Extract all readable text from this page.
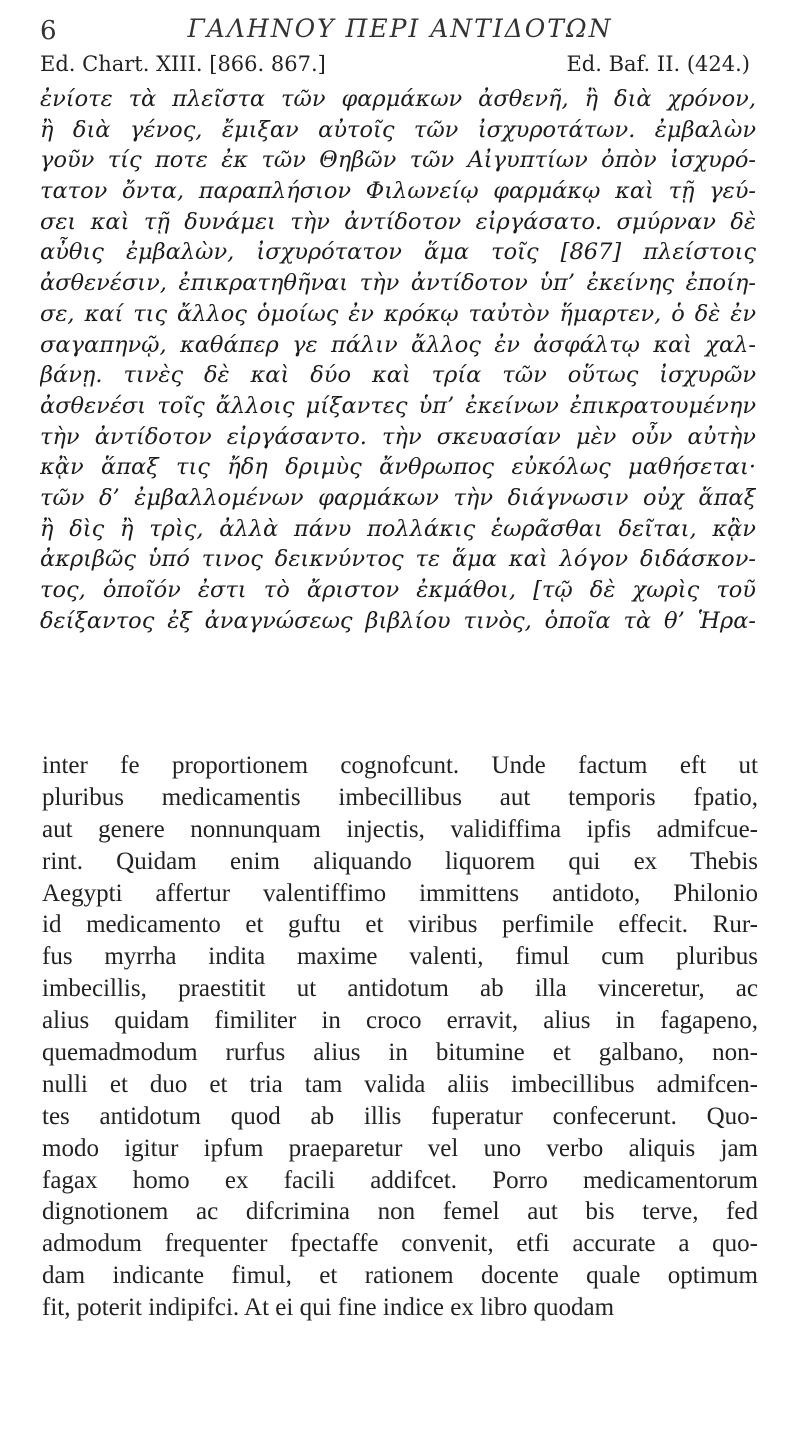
6	ΓΑΛΗΝΟΥ ΠΕΡΙ ΑΝΤΙΔΟΤΩΝ
Ed. Chart. XIII. [866. 867.]	Ed. Baf. II. (424.)
ἐνίοτε τὰ πλεῖστα τῶν φαρμάκων ἀσθενῆ, ἢ διὰ χρόνον,
ἢ διὰ γένος, ἔμιξαν αὐτοῖς τῶν ἰσχυροτάτων. ἐμβαλὼν
γοῦν τίς ποτε ἐκ τῶν Θηβῶν τῶν Αἰγυπτίων ὀπὸν ἰσχυρό-
τατον ὄντα, παραπλήσιον Φιλωνείῳ φαρμάκῳ καὶ τῇ γεύ-
σει καὶ τῇ δυνάμει τὴν ἀντίδοτον εἰργάσατο. σμύρναν δὲ
αὖθις ἐμβαλὼν, ἰσχυρότατον ἅμα τοῖς [867] πλείστοις
ἀσθενέσιν, ἐπικρατηθῆναι τὴν ἀντίδοτον ὑπ’ ἐκείνης ἐποίη-
σε, καί τις ἄλλος ὁμοίως ἐν κρόκῳ ταὐτὸν ἥμαρτεν, ὁ δὲ ἐν
σαγαπηνῷ, καθάπερ γε πάλιν ἄλλος ἐν ἀσφάλτῳ καὶ χαλ-
βάνῃ. τινὲς δὲ καὶ δύο καὶ τρία τῶν οὕτως ἰσχυρῶν
ἀσθενέσι τοῖς ἄλλοις μίξαντες ὑπ’ ἐκείνων ἐπικρατουμένην
τὴν ἀντίδοτον εἰργάσαντο. τὴν σκευασίαν μὲν οὖν αὐτὴν
κᾂν ἅπαξ τις ἤδη δριμὺς ἄνθρωπος εὐκόλως μαθήσεται·
τῶν δ’ ἐμβαλλομένων φαρμάκων τὴν διάγνωσιν οὐχ ἅπαξ
ἢ δὶς ἢ τρὶς, ἀλλὰ πάνυ πολλάκις ἑωρᾶσθαι δεῖται, κᾂν
ἀκριβῶς ὑπό τινος δεικνύντος τε ἅμα καὶ λόγον διδάσκον-
τος, ὁποῖόν ἐστι τὸ ἄριστον ἐκμάθοι, [τῷ δὲ χωρὶς τοῦ
δείξαντος ἐξ ἀναγνώσεως βιβλίου τινὸς, ὁποῖα τὰ θ’ Ἡρα-
inter fe proportionem cognofcunt. Unde factum eft ut
pluribus medicamentis imbecillibus aut temporis fpatio,
aut genere nonnunquam injectis, validiffima ipfis admifcue-
rint. Quidam enim aliquando liquorem qui ex Thebis
Aegypti affertur valentiffimo immittens antidoto, Philonio
id medicamento et guftu et viribus perfimile effecit. Rur-
fus myrrha indita maxime valenti, fimul cum pluribus
imbecillis, praestitit ut antidotum ab illa vinceretur, ac
alius quidam fimiliter in croco erravit, alius in fagapeno,
quemadmodum rurfus alius in bitumine et galbano, non-
nulli et duo et tria tam valida aliis imbecillibus admifcen-
tes antidotum quod ab illis fuperatur confecerunt. Quo-
modo igitur ipfum praeparetur vel uno verbo aliquis jam
fagax homo ex facili addifcet. Porro medicamentorum
dignotionem ac difcrimina non femel aut bis terve, fed
admodum frequenter fpectaffe convenit, etfi accurate a quo-
dam indicante fimul, et rationem docente quale optimum
fit, poterit indipifci. At ei qui fine indice ex libro quodam
